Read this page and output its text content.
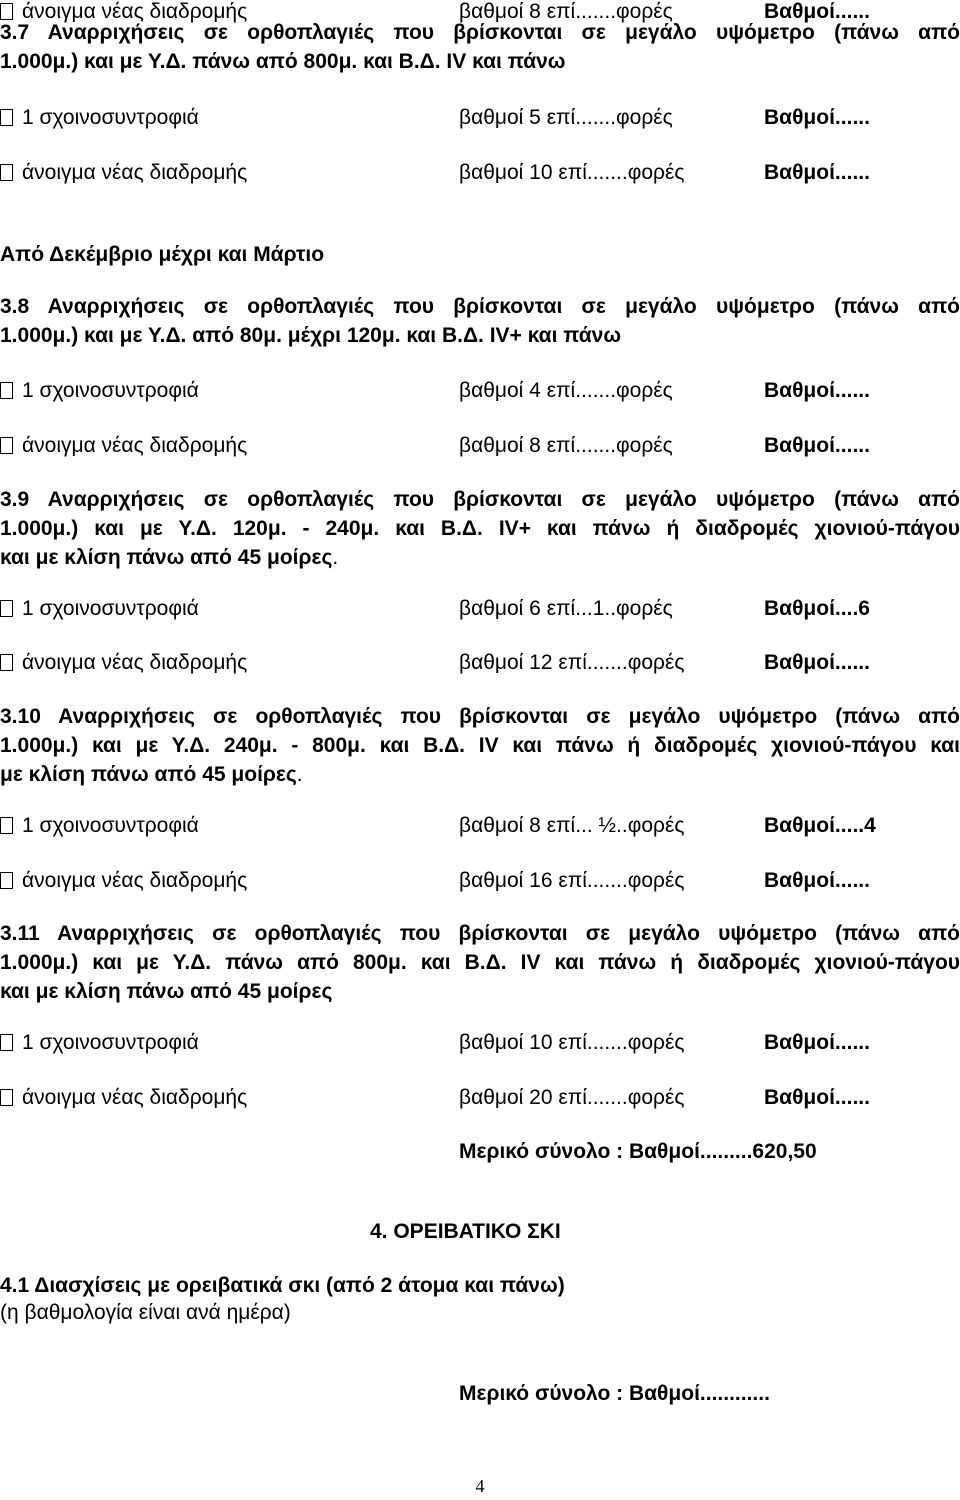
άνοιγμα νέας διαδρομής	βαθμοί 8 επί.......φορές	Βαθμοί......
3.7 Αναρριχήσεις σε ορθοπλαγιές που βρίσκονται σε μεγάλο υψόμετρο (πάνω από
1.000μ.) και με Υ.Δ. πάνω από 800μ. και Β.Δ. IV και πάνω
1 σχοινοσυντροφιά	βαθμοί 5 επί.......φορές	Βαθμοί......
άνοιγμα νέας διαδρομής	βαθμοί 10 επί.......φορές	Βαθμοί......
Από Δεκέμβριο μέχρι και Μάρτιο
3.8 Αναρριχήσεις σε ορθοπλαγιές που βρίσκονται σε μεγάλο υψόμετρο (πάνω από
1.000μ.) και με Υ.Δ. από 80μ. μέχρι 120μ. και Β.Δ. IV+ και πάνω
1 σχοινοσυντροφιά	βαθμοί 4 επί.......φορές	Βαθμοί......
άνοιγμα νέας διαδρομής	βαθμοί 8 επί.......φορές	Βαθμοί......
3.9 Αναρριχήσεις σε ορθοπλαγιές που βρίσκονται σε μεγάλο υψόμετρο (πάνω από
1.000μ.) και με Υ.Δ. 120μ. - 240μ. και Β.Δ. IV+ και πάνω ή διαδρομές χιονιού-πάγου
και με κλίση πάνω από 45 μοίρες.
1 σχοινοσυντροφιά	βαθμοί 6 επί...1..φορές	Βαθμοί....6
άνοιγμα νέας διαδρομής	βαθμοί 12 επί.......φορές	Βαθμοί......
3.10 Αναρριχήσεις σε ορθοπλαγιές που βρίσκονται σε μεγάλο υψόμετρο (πάνω από
1.000μ.) και με Υ.Δ. 240μ. - 800μ. και Β.Δ. IV και πάνω ή διαδρομές χιονιού-πάγου και
με κλίση πάνω από 45 μοίρες.
1 σχοινοσυντροφιά	βαθμοί 8 επί... ½..φορές	Βαθμοί.....4
άνοιγμα νέας διαδρομής	βαθμοί 16 επί.......φορές	Βαθμοί......
3.11 Αναρριχήσεις σε ορθοπλαγιές που βρίσκονται σε μεγάλο υψόμετρο (πάνω από
1.000μ.) και με Υ.Δ. πάνω από 800μ. και Β.Δ. IV και πάνω ή διαδρομές χιονιού-πάγου
και με κλίση πάνω από 45 μοίρες
1 σχοινοσυντροφιά	βαθμοί 10 επί.......φορές	Βαθμοί......
άνοιγμα νέας διαδρομής	βαθμοί 20 επί.......φορές	Βαθμοί......
Μερικό σύνολο : Βαθμοί.........620,50
4. ΟΡΕΙΒΑΤΙΚΟ ΣΚΙ
4.1 Διασχίσεις με ορειβατικά σκι (από 2 άτομα και πάνω)
(η βαθμολογία είναι ανά ημέρα)
Μερικό σύνολο : Βαθμοί............
4
